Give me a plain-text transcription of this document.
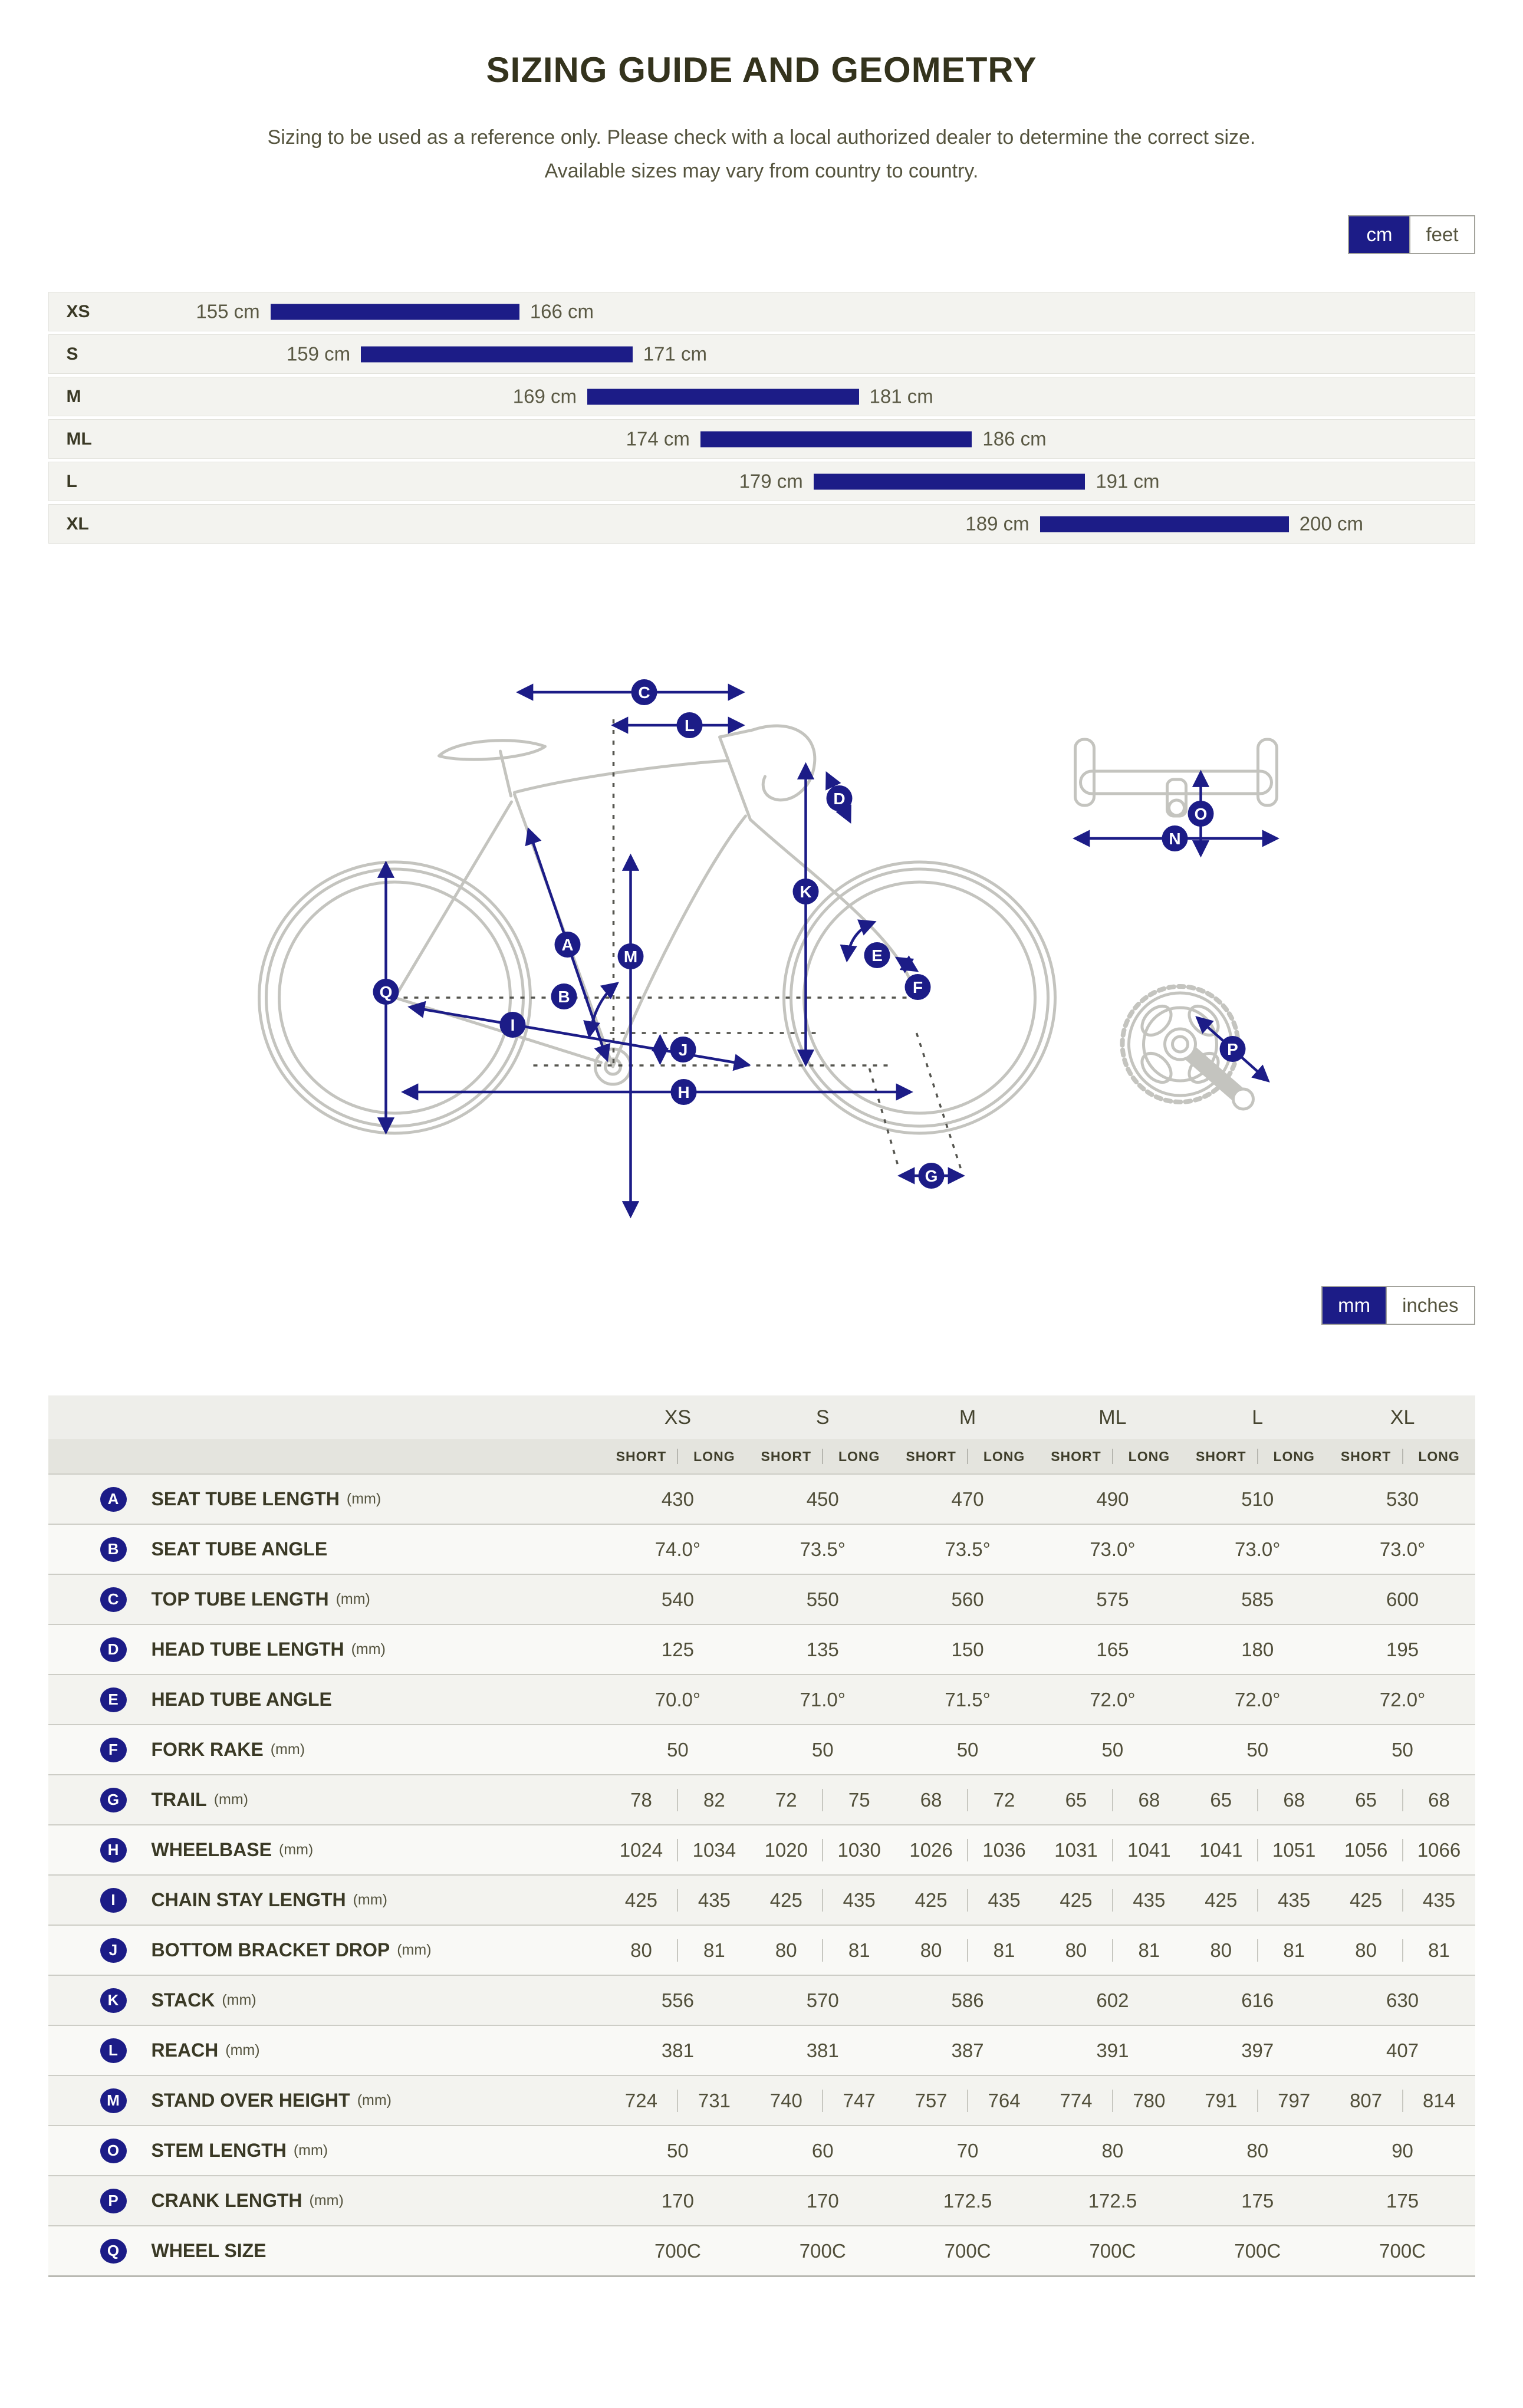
SIZING GUIDE AND GEOMETRY
Sizing to be used as a reference only. Please check with a local authorized dealer to determine the correct size.
Available sizes may vary from country to country.
cm	feet
XS	155 cm	166 cm
S	159 cm	171 cm
M	169 cm	181 cm
ML	174 cm	186 cm
L	179 cm	191 cm
XL	189 cm	200 cm
C
L
D
K
A
M
B
Q
E
J
F
I
H
G
N
O
P
mm	inches
XS	S	M	ML	L	XL
SHORT	LONG	SHORT	LONG	SHORT	LONG	SHORT	LONG	SHORT	LONG	SHORT	LONG
A	SEAT TUBE LENGTH (mm)	430	450	470	490	510	530
B	SEAT TUBE ANGLE	74.0°	73.5°	73.5°	73.0°	73.0°	73.0°
C	TOP TUBE LENGTH (mm)	540	550	560	575	585	600
D	HEAD TUBE LENGTH (mm)	125	135	150	165	180	195
E	HEAD TUBE ANGLE	70.0°	71.0°	71.5°	72.0°	72.0°	72.0°
F	FORK RAKE (mm)	50	50	50	50	50	50
G	TRAIL (mm)	78	82	72	75	68	72	65	68	65	68	65	68
H	WHEELBASE (mm)	1024	1034	1020	1030	1026	1036	1031	1041	1041	1051	1056	1066
I	CHAIN STAY LENGTH (mm)	425	435	425	435	425	435	425	435	425	435	425	435
J	BOTTOM BRACKET DROP (mm)	80	81	80	81	80	81	80	81	80	81	80	81
K	STACK (mm)	556	570	586	602	616	630
L	REACH (mm)	381	381	387	391	397	407
M	STAND OVER HEIGHT (mm)	724	731	740	747	757	764	774	780	791	797	807	814
O	STEM LENGTH (mm)	50	60	70	80	80	90
P	CRANK LENGTH (mm)	170	170	172.5	172.5	175	175
Q	WHEEL SIZE	700C	700C	700C	700C	700C	700C
